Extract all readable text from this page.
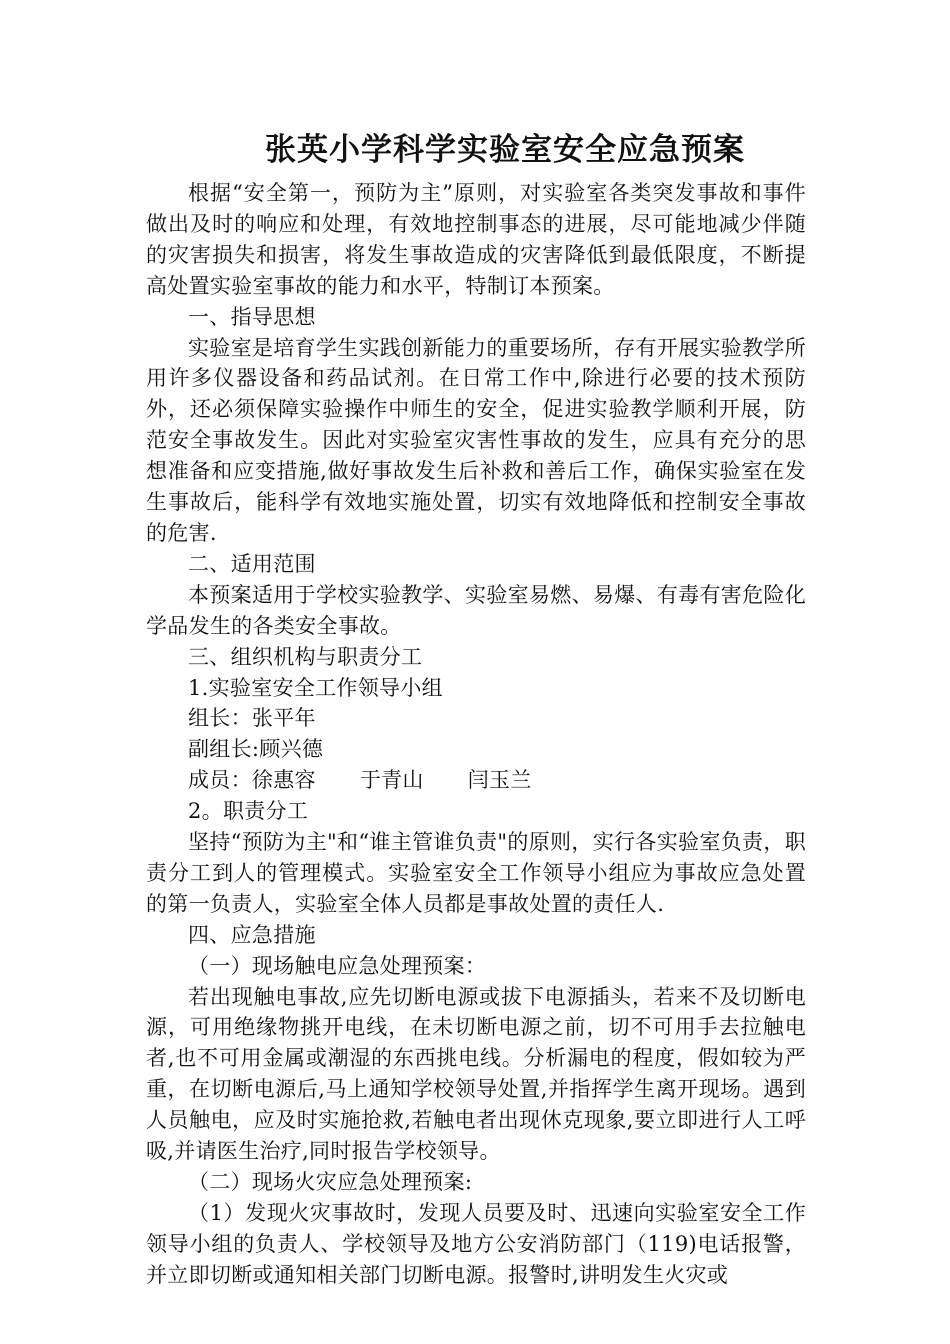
张英小学科学实验室安全应急预案

根据“安全第一，预防为主”原则，对实验室各类突发事故和事件做出及时的响应和处理，有效地控制事态的进展，尽可能地减少伴随的灾害损失和损害，将发生事故造成的灾害降低到最低限度，不断提高处置实验室事故的能力和水平，特制订本预案。

一、指导思想

实验室是培育学生实践创新能力的重要场所，存有开展实验教学所用许多仪器设备和药品试剂。在日常工作中,除进行必要的技术预防外，还必须保障实验操作中师生的安全，促进实验教学顺利开展，防范安全事故发生。因此对实验室灾害性事故的发生，应具有充分的思想准备和应变措施,做好事故发生后补救和善后工作，确保实验室在发生事故后，能科学有效地实施处置，切实有效地降低和控制安全事故的危害.

二、适用范围

本预案适用于学校实验教学、实验室易燃、易爆、有毒有害危险化学品发生的各类安全事故。

三、组织机构与职责分工

1.实验室安全工作领导小组

组长：张平年

副组长:顾兴德

成员：徐惠容 于青山 闫玉兰

2。职责分工

坚持“预防为主"和“谁主管谁负责"的原则，实行各实验室负责，职责分工到人的管理模式。实验室安全工作领导小组应为事故应急处置的第一负责人，实验室全体人员都是事故处置的责任人.

四、应急措施

（一）现场触电应急处理预案：

若出现触电事故,应先切断电源或拔下电源插头，若来不及切断电源，可用绝缘物挑开电线，在未切断电源之前，切不可用手去拉触电者,也不可用金属或潮湿的东西挑电线。分析漏电的程度，假如较为严重，在切断电源后,马上通知学校领导处置,并指挥学生离开现场。遇到人员触电，应及时实施抢救,若触电者出现休克现象,要立即进行人工呼吸,并请医生治疗,同时报告学校领导。

（二）现场火灾应急处理预案:

（1）发现火灾事故时，发现人员要及时、迅速向实验室安全工作领导小组的负责人、学校领导及地方公安消防部门（119)电话报警，并立即切断或通知相关部门切断电源。报警时,讲明发生火灾或
